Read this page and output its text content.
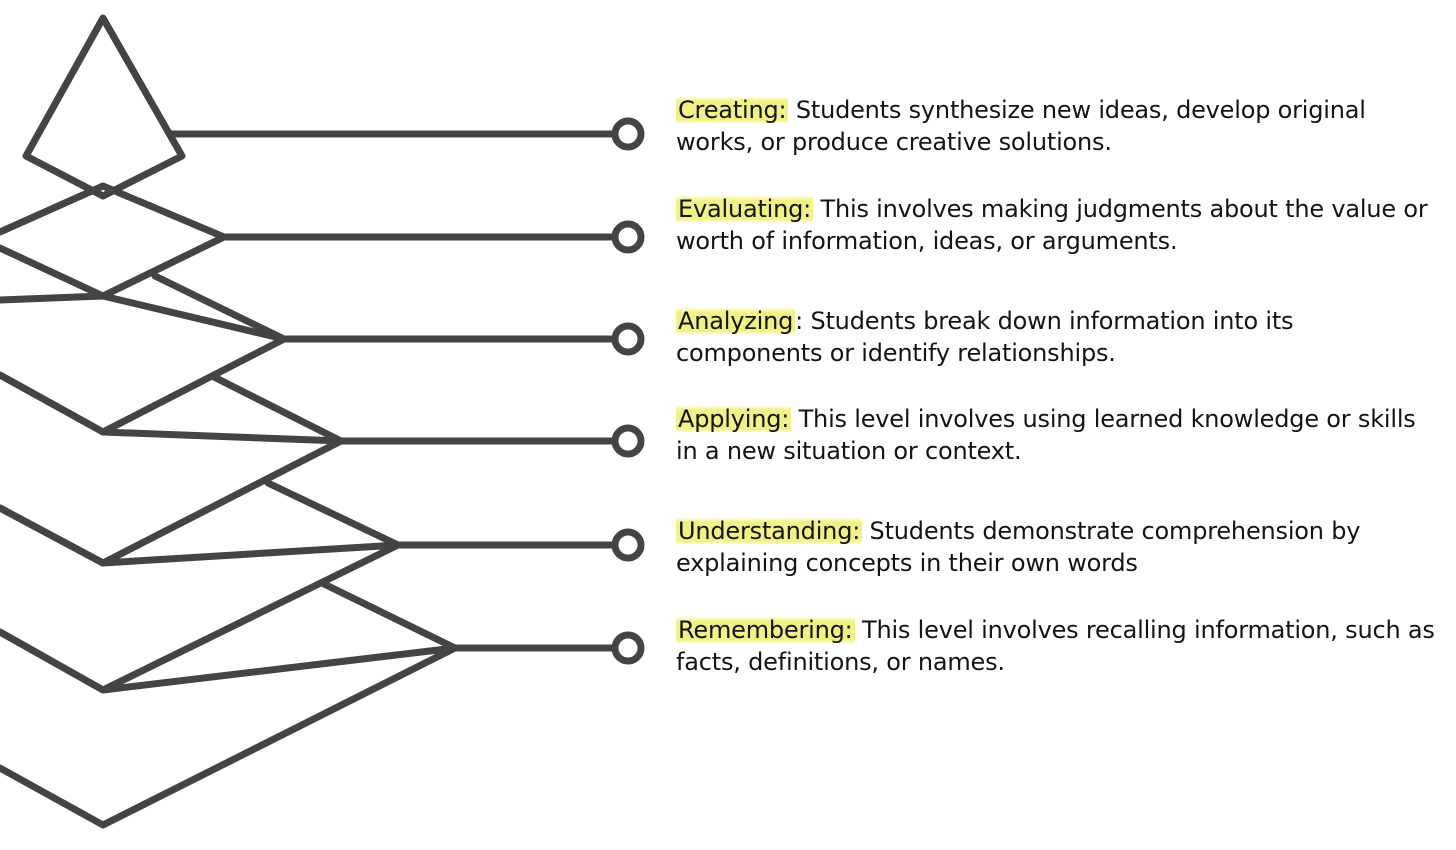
Creating: Students synthesize new ideas, develop original works, or produce creative solutions.

Evaluating: This involves making judgments about the value or worth of information, ideas, or arguments.

Analyzing: Students break down information into its components or identify relationships.

Applying: This level involves using learned knowledge or skills in a new situation or context.

Understanding: Students demonstrate comprehension by explaining concepts in their own words

Remembering: This level involves recalling information, such as facts, definitions, or names.
